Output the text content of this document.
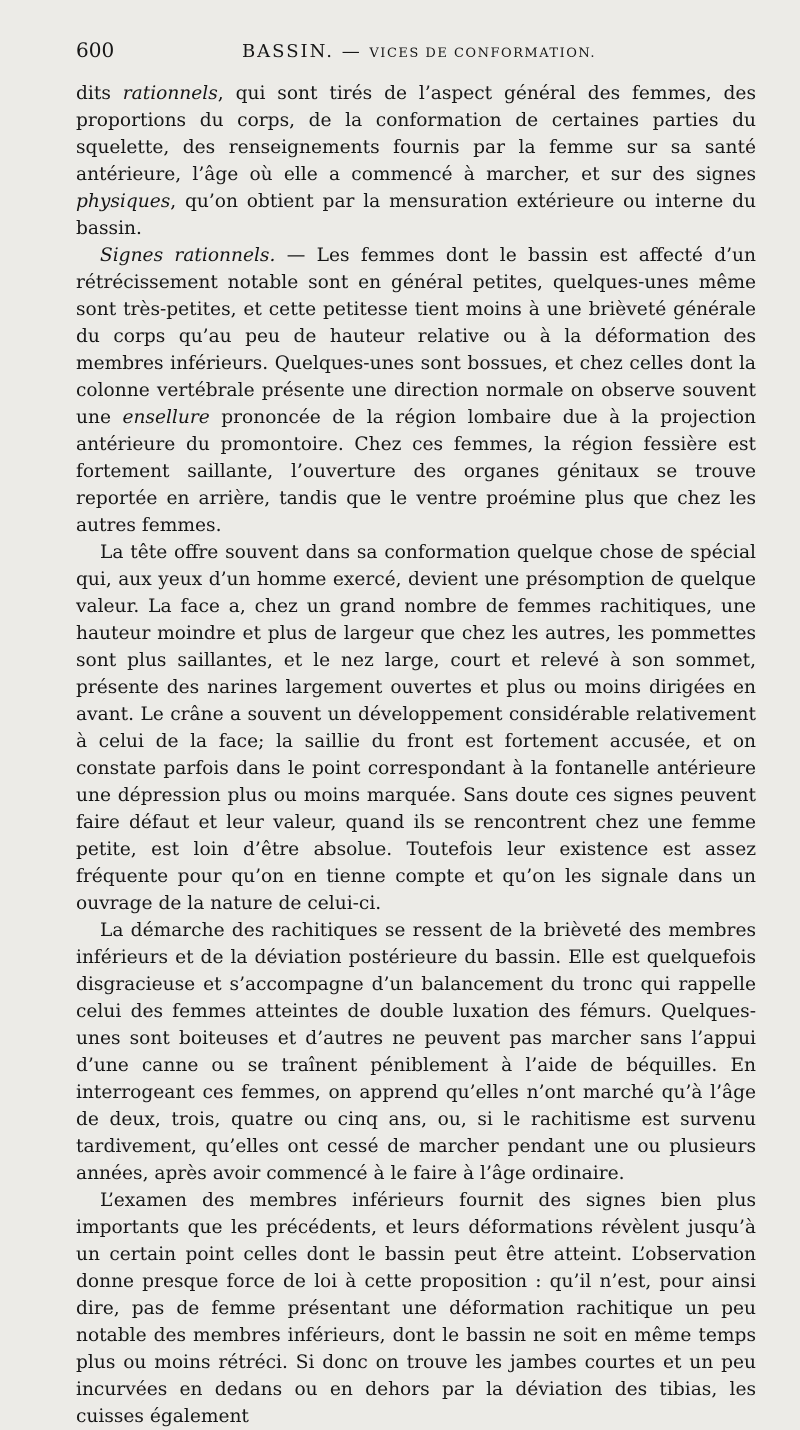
600	BASSIN. — VICES DE CONFORMATION.

dits rationnels, qui sont tirés de l’aspect général des femmes, des proportions du corps, de la conformation de certaines parties du squelette, des renseignements fournis par la femme sur sa santé antérieure, l’âge où elle a commencé à marcher, et sur des signes physiques, qu’on obtient par la mensuration extérieure ou interne du bassin.

Signes rationnels. — Les femmes dont le bassin est affecté d’un rétrécissement notable sont en général petites, quelques-unes même sont très-petites, et cette petitesse tient moins à une brièveté générale du corps qu’au peu de hauteur relative ou à la déformation des membres inférieurs. Quelques-unes sont bossues, et chez celles dont la colonne vertébrale présente une direction normale on observe souvent une ensellure prononcée de la région lombaire due à la projection antérieure du promontoire. Chez ces femmes, la région fessière est fortement saillante, l’ouverture des organes génitaux se trouve reportée en arrière, tandis que le ventre proémine plus que chez les autres femmes.

La tête offre souvent dans sa conformation quelque chose de spécial qui, aux yeux d’un homme exercé, devient une présomption de quelque valeur. La face a, chez un grand nombre de femmes rachitiques, une hauteur moindre et plus de largeur que chez les autres, les pommettes sont plus saillantes, et le nez large, court et relevé à son sommet, présente des narines largement ouvertes et plus ou moins dirigées en avant. Le crâne a souvent un développement considérable relativement à celui de la face; la saillie du front est fortement accusée, et on constate parfois dans le point correspondant à la fontanelle antérieure une dépression plus ou moins marquée. Sans doute ces signes peuvent faire défaut et leur valeur, quand ils se rencontrent chez une femme petite, est loin d’être absolue. Toutefois leur existence est assez fréquente pour qu’on en tienne compte et qu’on les signale dans un ouvrage de la nature de celui-ci.

La démarche des rachitiques se ressent de la brièveté des membres inférieurs et de la déviation postérieure du bassin. Elle est quelquefois disgracieuse et s’accompagne d’un balancement du tronc qui rappelle celui des femmes atteintes de double luxation des fémurs. Quelques-unes sont boiteuses et d’autres ne peuvent pas marcher sans l’appui d’une canne ou se traînent péniblement à l’aide de béquilles. En interrogeant ces femmes, on apprend qu’elles n’ont marché qu’à l’âge de deux, trois, quatre ou cinq ans, ou, si le rachitisme est survenu tardivement, qu’elles ont cessé de marcher pendant une ou plusieurs années, après avoir commencé à le faire à l’âge ordinaire.

L’examen des membres inférieurs fournit des signes bien plus importants que les précédents, et leurs déformations révèlent jusqu’à un certain point celles dont le bassin peut être atteint. L’observation donne presque force de loi à cette proposition : qu’il n’est, pour ainsi dire, pas de femme présentant une déformation rachitique un peu notable des membres inférieurs, dont le bassin ne soit en même temps plus ou moins rétréci. Si donc on trouve les jambes courtes et un peu incurvées en dedans ou en dehors par la déviation des tibias, les cuisses également
